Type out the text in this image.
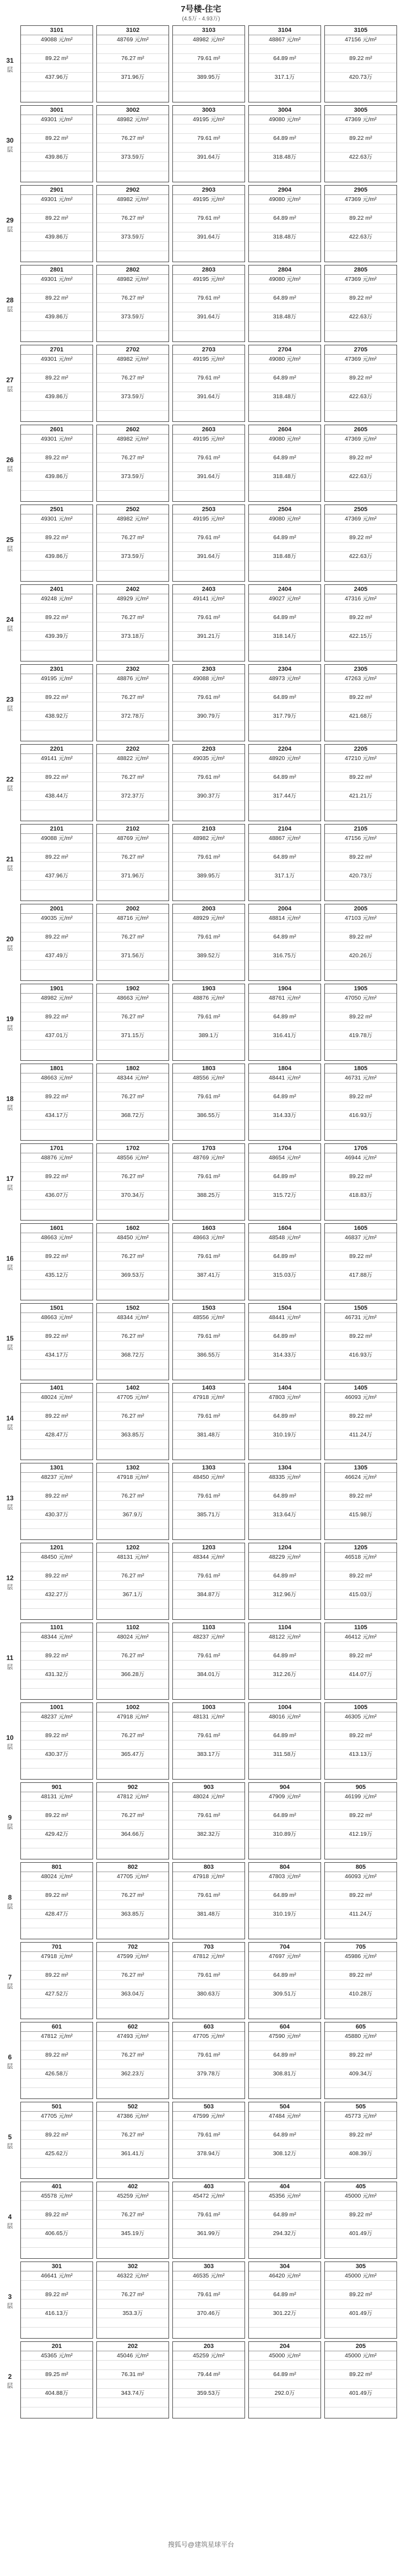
7号楼-住宅
(4.5万 - 4.93万)
31
层
3101
49088 元/m²
89.22 m²
437.96万
3102
48769 元/m²
76.27 m²
371.96万
3103
48982 元/m²
79.61 m²
389.95万
3104
48867 元/m²
64.89 m²
317.1万
3105
47156 元/m²
89.22 m²
420.73万
30
层
3001
49301 元/m²
89.22 m²
439.86万
3002
48982 元/m²
76.27 m²
373.59万
3003
49195 元/m²
79.61 m²
391.64万
3004
49080 元/m²
64.89 m²
318.48万
3005
47369 元/m²
89.22 m²
422.63万
29
层
2901
49301 元/m²
89.22 m²
439.86万
2902
48982 元/m²
76.27 m²
373.59万
2903
49195 元/m²
79.61 m²
391.64万
2904
49080 元/m²
64.89 m²
318.48万
2905
47369 元/m²
89.22 m²
422.63万
28
层
2801
49301 元/m²
89.22 m²
439.86万
2802
48982 元/m²
76.27 m²
373.59万
2803
49195 元/m²
79.61 m²
391.64万
2804
49080 元/m²
64.89 m²
318.48万
2805
47369 元/m²
89.22 m²
422.63万
27
层
2701
49301 元/m²
89.22 m²
439.86万
2702
48982 元/m²
76.27 m²
373.59万
2703
49195 元/m²
79.61 m²
391.64万
2704
49080 元/m²
64.89 m²
318.48万
2705
47369 元/m²
89.22 m²
422.63万
26
层
2601
49301 元/m²
89.22 m²
439.86万
2602
48982 元/m²
76.27 m²
373.59万
2603
49195 元/m²
79.61 m²
391.64万
2604
49080 元/m²
64.89 m²
318.48万
2605
47369 元/m²
89.22 m²
422.63万
25
层
2501
49301 元/m²
89.22 m²
439.86万
2502
48982 元/m²
76.27 m²
373.59万
2503
49195 元/m²
79.61 m²
391.64万
2504
49080 元/m²
64.89 m²
318.48万
2505
47369 元/m²
89.22 m²
422.63万
24
层
2401
49248 元/m²
89.22 m²
439.39万
2402
48929 元/m²
76.27 m²
373.18万
2403
49141 元/m²
79.61 m²
391.21万
2404
49027 元/m²
64.89 m²
318.14万
2405
47316 元/m²
89.22 m²
422.15万
23
层
2301
49195 元/m²
89.22 m²
438.92万
2302
48876 元/m²
76.27 m²
372.78万
2303
49088 元/m²
79.61 m²
390.79万
2304
48973 元/m²
64.89 m²
317.79万
2305
47263 元/m²
89.22 m²
421.68万
22
层
2201
49141 元/m²
89.22 m²
438.44万
2202
48822 元/m²
76.27 m²
372.37万
2203
49035 元/m²
79.61 m²
390.37万
2204
48920 元/m²
64.89 m²
317.44万
2205
47210 元/m²
89.22 m²
421.21万
21
层
2101
49088 元/m²
89.22 m²
437.96万
2102
48769 元/m²
76.27 m²
371.96万
2103
48982 元/m²
79.61 m²
389.95万
2104
48867 元/m²
64.89 m²
317.1万
2105
47156 元/m²
89.22 m²
420.73万
20
层
2001
49035 元/m²
89.22 m²
437.49万
2002
48716 元/m²
76.27 m²
371.56万
2003
48929 元/m²
79.61 m²
389.52万
2004
48814 元/m²
64.89 m²
316.75万
2005
47103 元/m²
89.22 m²
420.26万
19
层
1901
48982 元/m²
89.22 m²
437.01万
1902
48663 元/m²
76.27 m²
371.15万
1903
48876 元/m²
79.61 m²
389.1万
1904
48761 元/m²
64.89 m²
316.41万
1905
47050 元/m²
89.22 m²
419.78万
18
层
1801
48663 元/m²
89.22 m²
434.17万
1802
48344 元/m²
76.27 m²
368.72万
1803
48556 元/m²
79.61 m²
386.55万
1804
48441 元/m²
64.89 m²
314.33万
1805
46731 元/m²
89.22 m²
416.93万
17
层
1701
48876 元/m²
89.22 m²
436.07万
1702
48556 元/m²
76.27 m²
370.34万
1703
48769 元/m²
79.61 m²
388.25万
1704
48654 元/m²
64.89 m²
315.72万
1705
46944 元/m²
89.22 m²
418.83万
16
层
1601
48663 元/m²
89.22 m²
435.12万
1602
48450 元/m²
76.27 m²
369.53万
1603
48663 元/m²
79.61 m²
387.41万
1604
48548 元/m²
64.89 m²
315.03万
1605
46837 元/m²
89.22 m²
417.88万
15
层
1501
48663 元/m²
89.22 m²
434.17万
1502
48344 元/m²
76.27 m²
368.72万
1503
48556 元/m²
79.61 m²
386.55万
1504
48441 元/m²
64.89 m²
314.33万
1505
46731 元/m²
89.22 m²
416.93万
14
层
1401
48024 元/m²
89.22 m²
428.47万
1402
47705 元/m²
76.27 m²
363.85万
1403
47918 元/m²
79.61 m²
381.48万
1404
47803 元/m²
64.89 m²
310.19万
1405
46093 元/m²
89.22 m²
411.24万
13
层
1301
48237 元/m²
89.22 m²
430.37万
1302
47918 元/m²
76.27 m²
367.9万
1303
48450 元/m²
79.61 m²
385.71万
1304
48335 元/m²
64.89 m²
313.64万
1305
46624 元/m²
89.22 m²
415.98万
12
层
1201
48450 元/m²
89.22 m²
432.27万
1202
48131 元/m²
76.27 m²
367.1万
1203
48344 元/m²
79.61 m²
384.87万
1204
48229 元/m²
64.89 m²
312.96万
1205
46518 元/m²
89.22 m²
415.03万
11
层
1101
48344 元/m²
89.22 m²
431.32万
1102
48024 元/m²
76.27 m²
366.28万
1103
48237 元/m²
79.61 m²
384.01万
1104
48122 元/m²
64.89 m²
312.26万
1105
46412 元/m²
89.22 m²
414.07万
10
层
1001
48237 元/m²
89.22 m²
430.37万
1002
47918 元/m²
76.27 m²
365.47万
1003
48131 元/m²
79.61 m²
383.17万
1004
48016 元/m²
64.89 m²
311.58万
1005
46305 元/m²
89.22 m²
413.13万
9
层
901
48131 元/m²
89.22 m²
429.42万
902
47812 元/m²
76.27 m²
364.66万
903
48024 元/m²
79.61 m²
382.32万
904
47909 元/m²
64.89 m²
310.89万
905
46199 元/m²
89.22 m²
412.19万
8
层
801
48024 元/m²
89.22 m²
428.47万
802
47705 元/m²
76.27 m²
363.85万
803
47918 元/m²
79.61 m²
381.48万
804
47803 元/m²
64.89 m²
310.19万
805
46093 元/m²
89.22 m²
411.24万
7
层
701
47918 元/m²
89.22 m²
427.52万
702
47599 元/m²
76.27 m²
363.04万
703
47812 元/m²
79.61 m²
380.63万
704
47697 元/m²
64.89 m²
309.51万
705
45986 元/m²
89.22 m²
410.28万
6
层
601
47812 元/m²
89.22 m²
426.58万
602
47493 元/m²
76.27 m²
362.23万
603
47705 元/m²
79.61 m²
379.78万
604
47590 元/m²
64.89 m²
308.81万
605
45880 元/m²
89.22 m²
409.34万
5
层
501
47705 元/m²
89.22 m²
425.62万
502
47386 元/m²
76.27 m²
361.41万
503
47599 元/m²
79.61 m²
378.94万
504
47484 元/m²
64.89 m²
308.12万
505
45773 元/m²
89.22 m²
408.39万
4
层
401
45578 元/m²
89.22 m²
406.65万
402
45259 元/m²
76.27 m²
345.19万
403
45472 元/m²
79.61 m²
361.99万
404
45356 元/m²
64.89 m²
294.32万
405
45000 元/m²
89.22 m²
401.49万
3
层
301
46641 元/m²
89.22 m²
416.13万
302
46322 元/m²
76.27 m²
353.3万
303
46535 元/m²
79.61 m²
370.46万
304
46420 元/m²
64.89 m²
301.22万
305
45000 元/m²
89.22 m²
401.49万
2
层
201
45365 元/m²
89.25 m²
404.88万
202
45046 元/m²
76.31 m²
343.74万
203
45259 元/m²
79.44 m²
359.53万
204
45000 元/m²
64.89 m²
292.0万
205
45000 元/m²
89.22 m²
401.49万
搜狐号@建筑星球平台
